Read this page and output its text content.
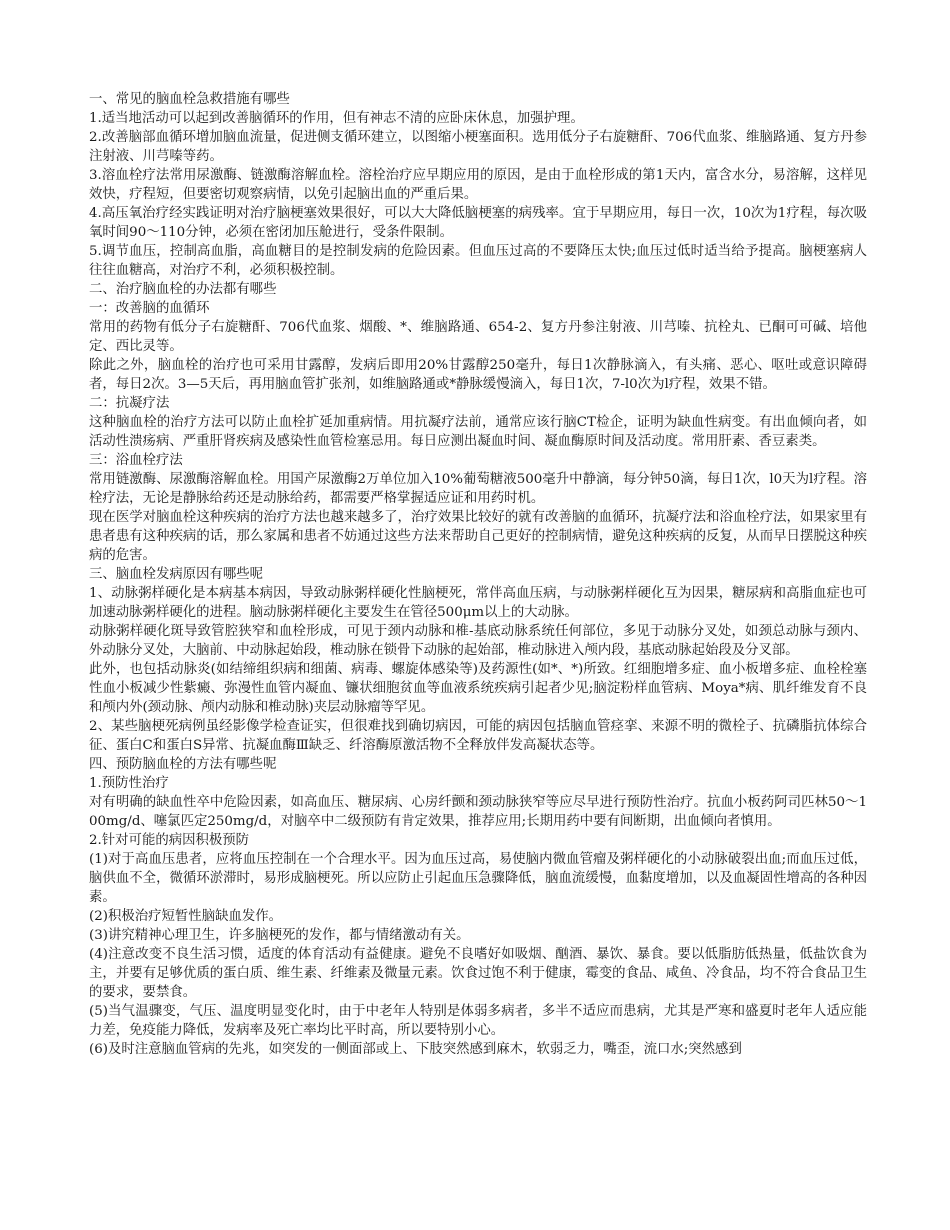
一、常见的脑血栓急救措施有哪些

1.适当地活动可以起到改善脑循环的作用，但有神志不清的应卧床休息，加强护理。

2.改善脑部血循环增加脑血流量，促进侧支循环建立，以图缩小梗塞面积。选用低分子右旋糖酐、706代血浆、维脑路通、复方丹参注射液、川芎嗪等药。

3.溶血栓疗法常用尿激酶、链激酶溶解血栓。溶栓治疗应早期应用的原因，是由于血栓形成的第1天内，富含水分，易溶解，这样见效快，疗程短，但要密切观察病情，以免引起脑出血的严重后果。

4.高压氧治疗经实践证明对治疗脑梗塞效果很好，可以大大降低脑梗塞的病残率。宜于早期应用，每日一次，10次为1疗程，每次吸氧时间90～110分钟，必须在密闭加压舱进行，受条件限制。

5.调节血压，控制高血脂，高血糖目的是控制发病的危险因素。但血压过高的不要降压太快;血压过低时适当给予提高。脑梗塞病人往往血糖高，对治疗不利，必须积极控制。

二、治疗脑血栓的办法都有哪些

一：改善脑的血循环

常用的药物有低分子右旋糖酐、706代血浆、烟酸、*、维脑路通、654-2、复方丹参注射液、川芎嗪、抗栓丸、已酮可可碱、培他定、西比灵等。

除此之外，脑血栓的治疗也可采用甘露醇，发病后即用20%甘露醇250毫升，每日1次静脉滴入，有头痛、恶心、呕吐或意识障碍者，每日2次。3—5天后，再用脑血管扩张剂，如维脑路通或*静脉缓慢滴入，每日1次，7-l0次为l疗程，效果不错。

二：抗凝疗法

这种脑血栓的治疗方法可以防止血栓扩延加重病情。用抗凝疗法前，通常应该行脑CT检企，证明为缺血性病变。有出血倾向者，如活动性溃疡病、严重肝肾疾病及感染性血管检塞忌用。每日应测出凝血时间、凝血酶原时间及活动度。常用肝素、香豆素类。

三：浴血栓疗法

常用链激酶、尿激酶溶解血栓。用国产尿激酶2万单位加入10%葡萄糖液500毫升中静滴，每分钟50滴，每日1次，l0天为l疗程。溶栓疗法，无论是静脉给药还是动脉给药，都需要严格掌握适应证和用药时机。

现在医学对脑血栓这种疾病的治疗方法也越来越多了，治疗效果比较好的就有改善脑的血循环，抗凝疗法和浴血栓疗法，如果家里有患者患有这种疾病的话，那么家属和患者不妨通过这些方法来帮助自己更好的控制病情，避免这种疾病的反复，从而早日摆脱这种疾病的危害。

三、脑血栓发病原因有哪些呢

1、动脉粥样硬化是本病基本病因，导致动脉粥样硬化性脑梗死，常伴高血压病，与动脉粥样硬化互为因果，糖尿病和高脂血症也可加速动脉粥样硬化的进程。脑动脉粥样硬化主要发生在管径500μm以上的大动脉。

动脉粥样硬化斑导致管腔狭窄和血栓形成，可见于颈内动脉和椎-基底动脉系统任何部位，多见于动脉分叉处，如颈总动脉与颈内、外动脉分叉处，大脑前、中动脉起始段，椎动脉在锁骨下动脉的起始部，椎动脉进入颅内段，基底动脉起始段及分叉部。

此外，也包括动脉炎(如结缔组织病和细菌、病毒、螺旋体感染等)及药源性(如*、*)所致。红细胞增多症、血小板增多症、血栓栓塞性血小板减少性紫癜、弥漫性血管内凝血、镰状细胞贫血等血液系统疾病引起者少见;脑淀粉样血管病、Moya*病、肌纤维发育不良和颅内外(颈动脉、颅内动脉和椎动脉)夹层动脉瘤等罕见。

2、某些脑梗死病例虽经影像学检查证实，但很难找到确切病因，可能的病因包括脑血管痉挛、来源不明的微栓子、抗磷脂抗体综合征、蛋白C和蛋白S异常、抗凝血酶Ⅲ缺乏、纤溶酶原激活物不全释放伴发高凝状态等。

四、预防脑血栓的方法有哪些呢

1.预防性治疗

对有明确的缺血性卒中危险因素，如高血压、糖尿病、心房纤颤和颈动脉狭窄等应尽早进行预防性治疗。抗血小板药阿司匹林50～100mg/d、噻氯匹定250mg/d，对脑卒中二级预防有肯定效果，推荐应用;长期用药中要有间断期，出血倾向者慎用。

2.针对可能的病因积极预防

(1)对于高血压患者，应将血压控制在一个合理水平。因为血压过高，易使脑内微血管瘤及粥样硬化的小动脉破裂出血;而血压过低，脑供血不全，微循环淤滞时，易形成脑梗死。所以应防止引起血压急骤降低，脑血流缓慢，血黏度增加，以及血凝固性增高的各种因素。

(2)积极治疗短暂性脑缺血发作。

(3)讲究精神心理卫生，许多脑梗死的发作，都与情绪激动有关。

(4)注意改变不良生活习惯，适度的体育活动有益健康。避免不良嗜好如吸烟、酗酒、暴饮、暴食。要以低脂肪低热量，低盐饮食为主，并要有足够优质的蛋白质、维生素、纤维素及微量元素。饮食过饱不利于健康，霉变的食品、咸鱼、冷食品，均不符合食品卫生的要求，要禁食。

(5)当气温骤变，气压、温度明显变化时，由于中老年人特别是体弱多病者，多半不适应而患病，尤其是严寒和盛夏时老年人适应能力差，免疫能力降低，发病率及死亡率均比平时高，所以要特别小心。

(6)及时注意脑血管病的先兆，如突发的一侧面部或上、下肢突然感到麻木，软弱乏力，嘴歪，流口水;突然感到
